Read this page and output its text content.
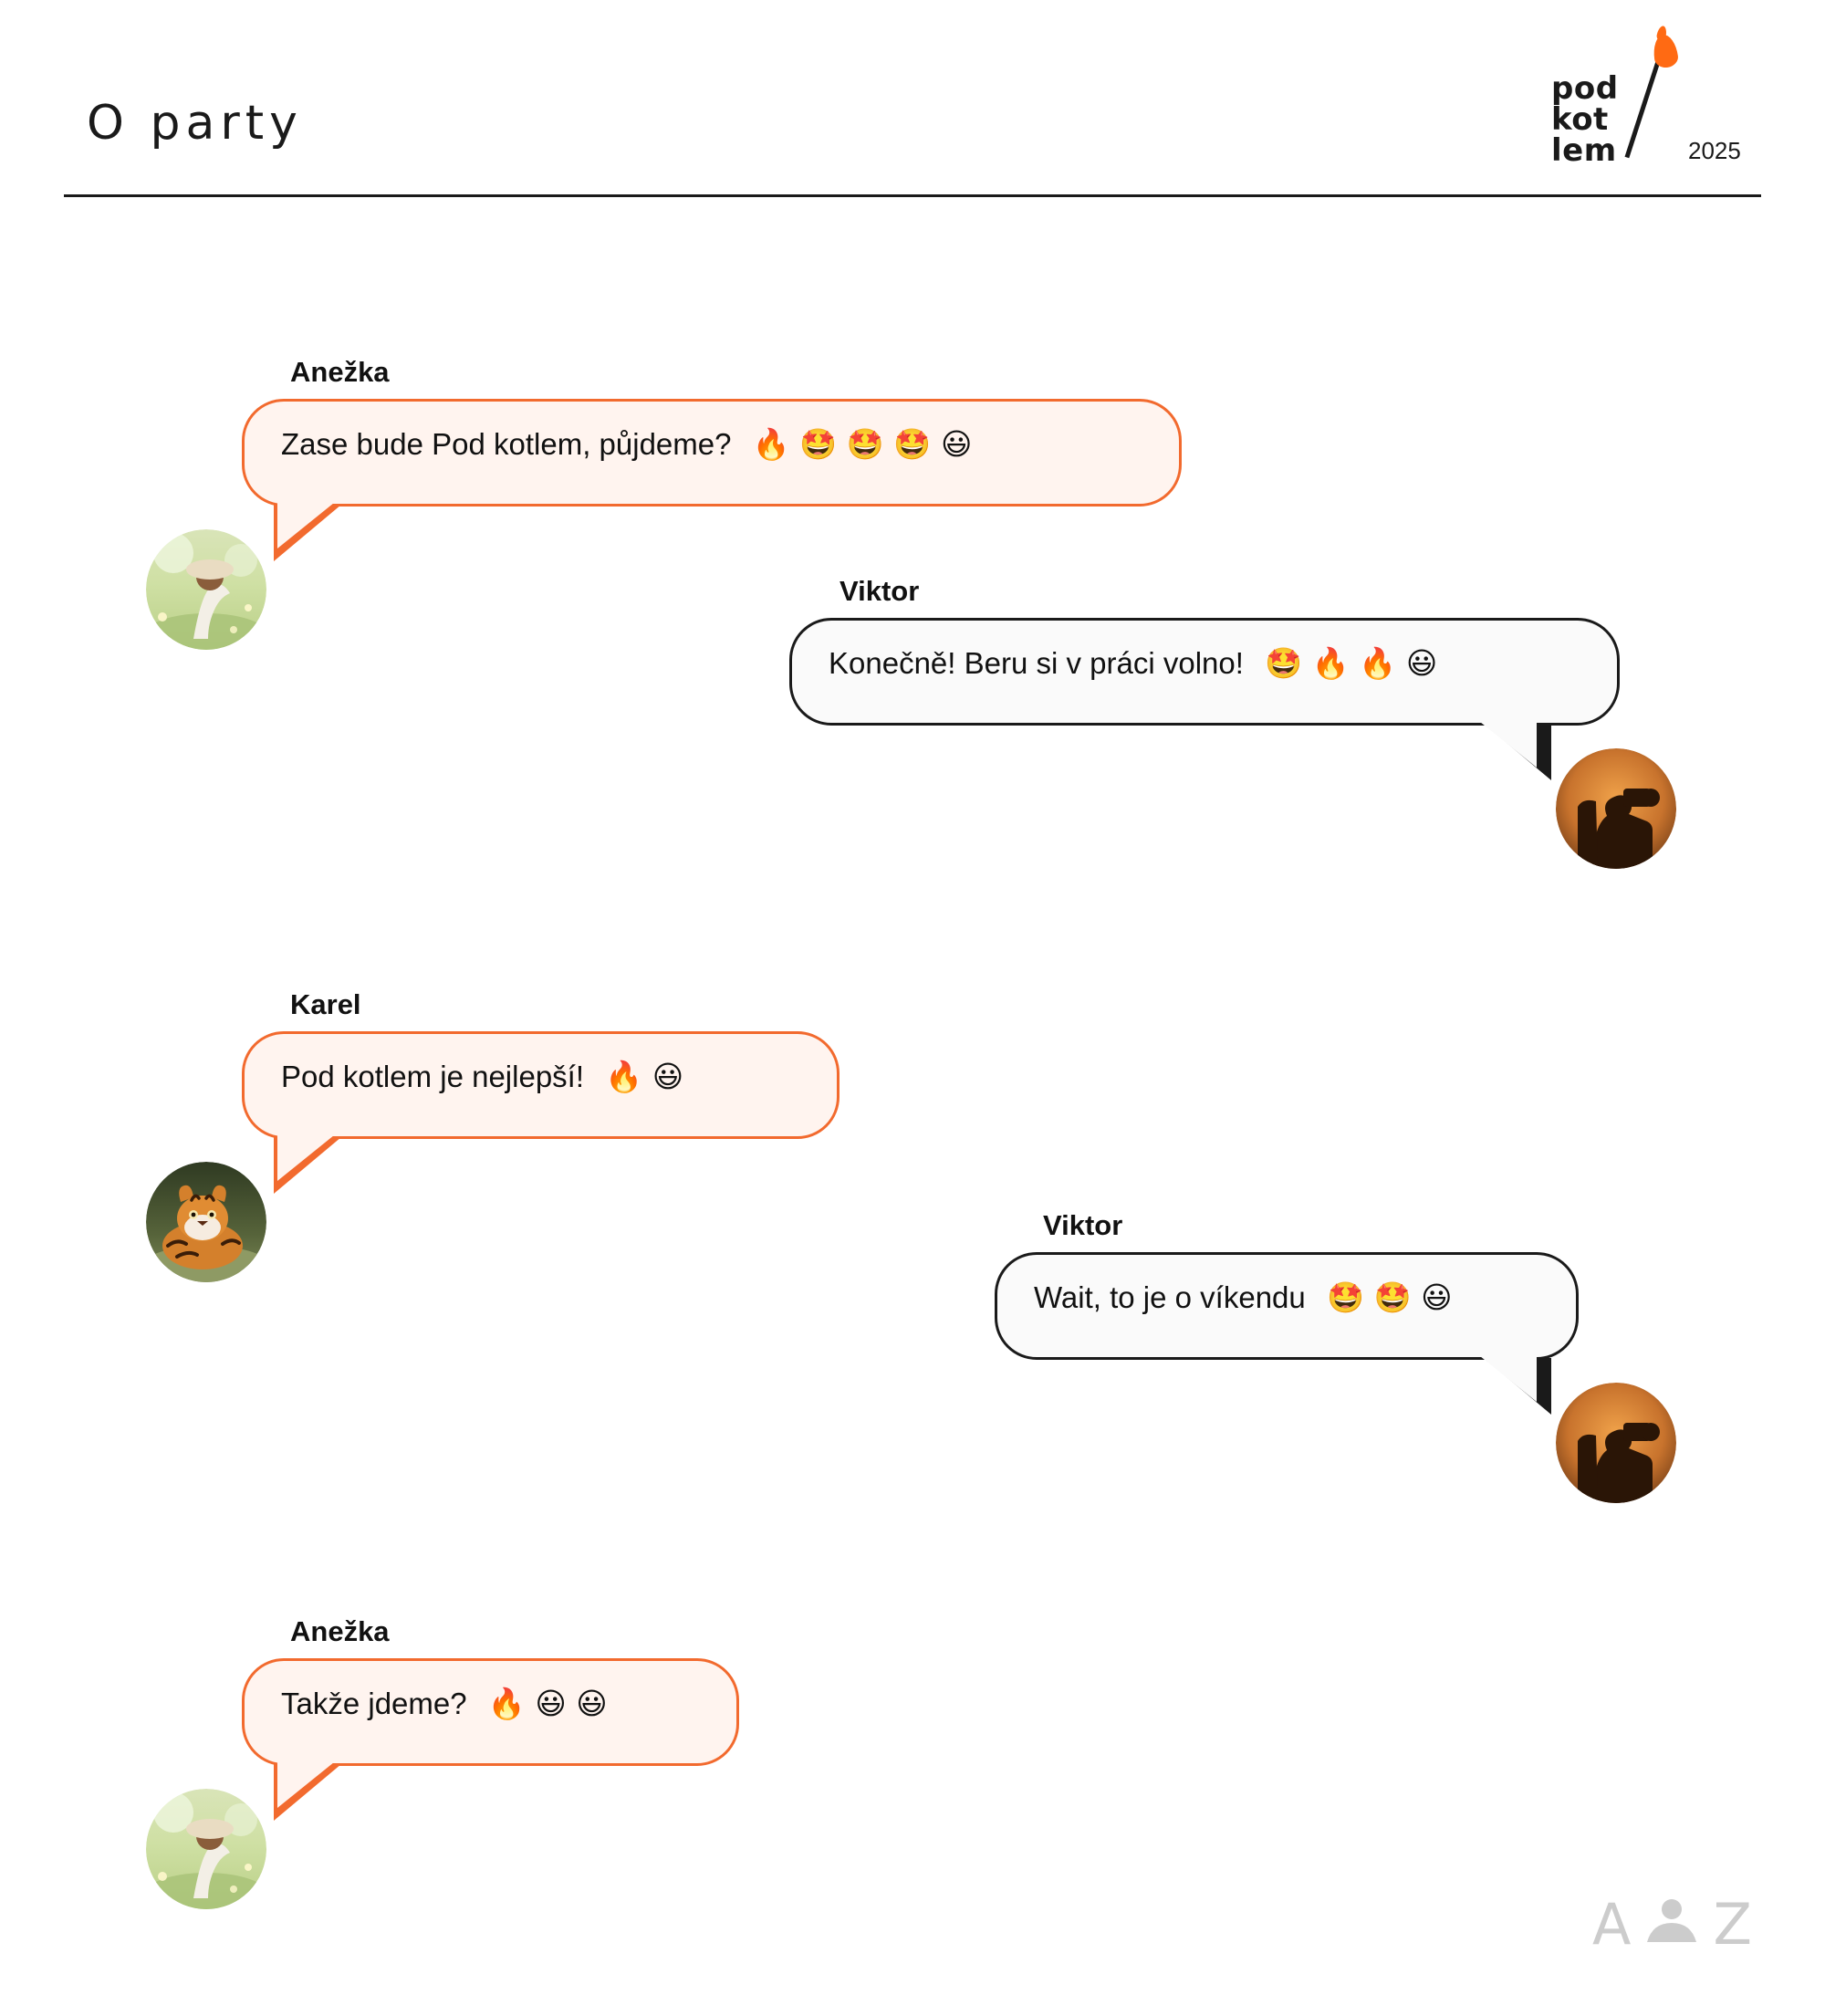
O party
pod
kot
lem	2025
Anežka
Zase bude Pod kotlem, půjdeme? 🔥 🤩 🤩 🤩 😃
Viktor
Konečně! Beru si v práci volno! 🤩 🔥 🔥 😃
Karel
Pod kotlem je nejlepší! 🔥 😃
Viktor
Wait, to je o víkendu 🤩 🤩 😃
Anežka
Takže jdeme? 🔥 😃 😃
A Z
